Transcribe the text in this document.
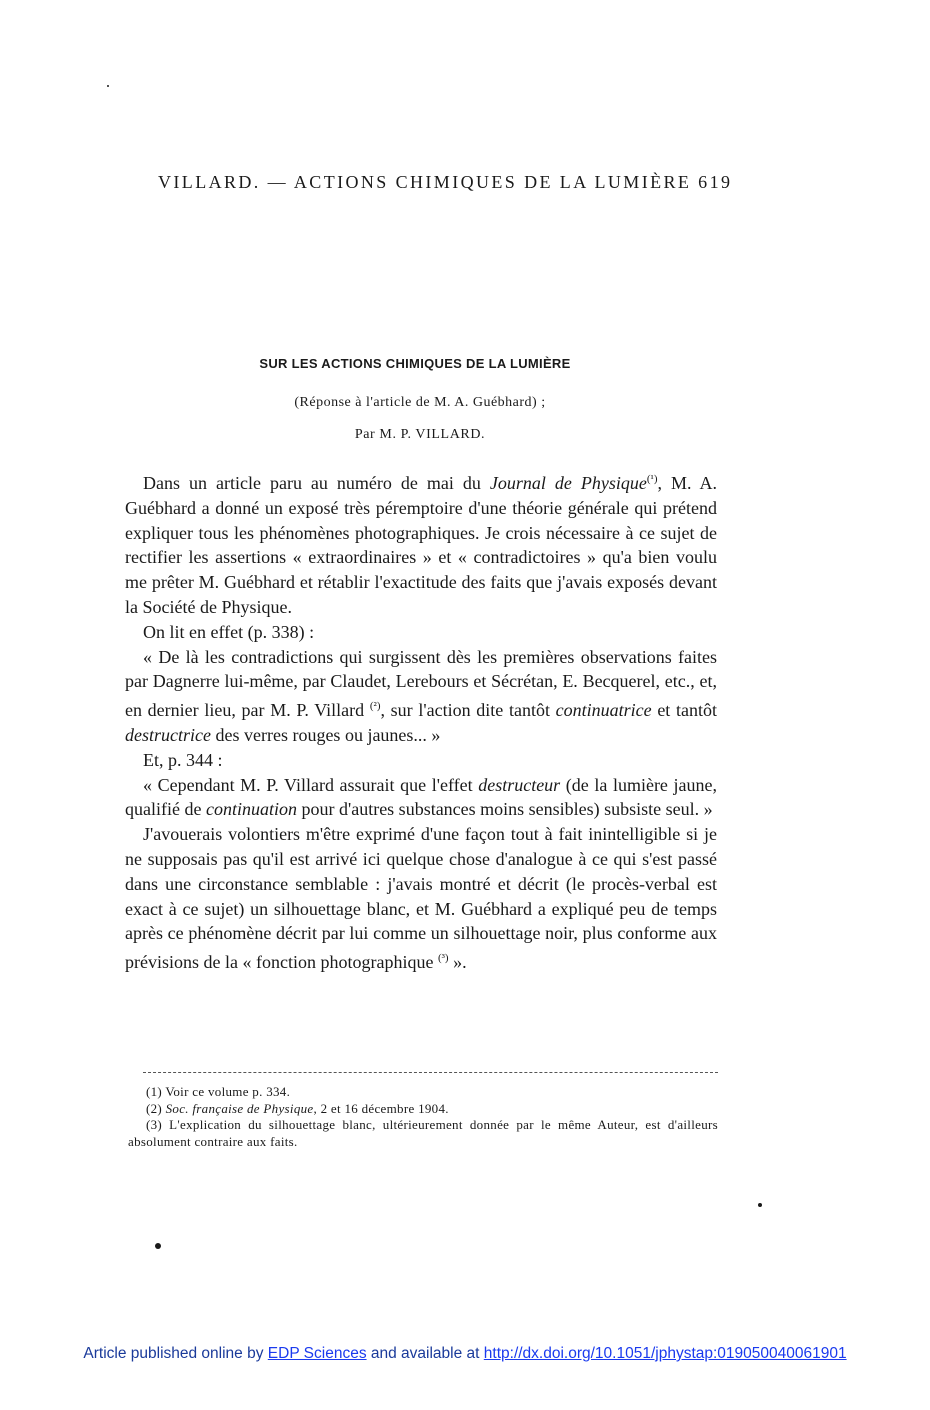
VILLARD. — ACTIONS CHIMIQUES DE LA LUMIÈRE 619
SUR LES ACTIONS CHIMIQUES DE LA LUMIÈRE
(Réponse à l'article de M. A. Guébhard) ;
Par M. P. VILLARD.

Dans un article paru au numéro de mai du Journal de Physique$^{(^1)}$, M. A. Guébhard a donné un exposé très péremptoire d'une théorie générale qui prétend expliquer tous les phénomènes photographiques. Je crois nécessaire à ce sujet de rectifier les assertions « extraordinaires » et « contradictoires » qu'a bien voulu me prêter M. Guébhard et rétablir l'exactitude des faits que j'avais exposés devant la Société de Physique.

On lit en effet (p. 338) :

« De là les contradictions qui surgissent dès les premières observations faites par Dagnerre lui-même, par Claudet, Lerebours et Sécrétan, E. Becquerel, etc., et, en dernier lieu, par M. P. Villard $^{(^2)}$, sur l'action dite tantôt continuatrice et tantôt destructrice des verres rouges ou jaunes... »

Et, p. 344 :

« Cependant M. P. Villard assurait que l'effet destructeur (de la lumière jaune, qualifié de continuation pour d'autres substances moins sensibles) subsiste seul. »

J'avouerais volontiers m'être exprimé d'une façon tout à fait inintelligible si je ne supposais pas qu'il est arrivé ici quelque chose d'analogue à ce qui s'est passé dans une circonstance semblable : j'avais montré et décrit (le procès-verbal est exact à ce sujet) un silhouettage blanc, et M. Guébhard a expliqué peu de temps après ce phénomène décrit par lui comme un silhouettage noir, plus conforme aux prévisions de la « fonction photographique $^{(^3)}$ ».

(1) Voir ce volume p. 334.

(2) Soc. française de Physique, 2 et 16 décembre 1904.

(3) L'explication du silhouettage blanc, ultérieurement donnée par le même Auteur, est d'ailleurs absolument contraire aux faits.

Article published online by EDP Sciences and available at http://dx.doi.org/10.1051/jphystap:019050040061901
